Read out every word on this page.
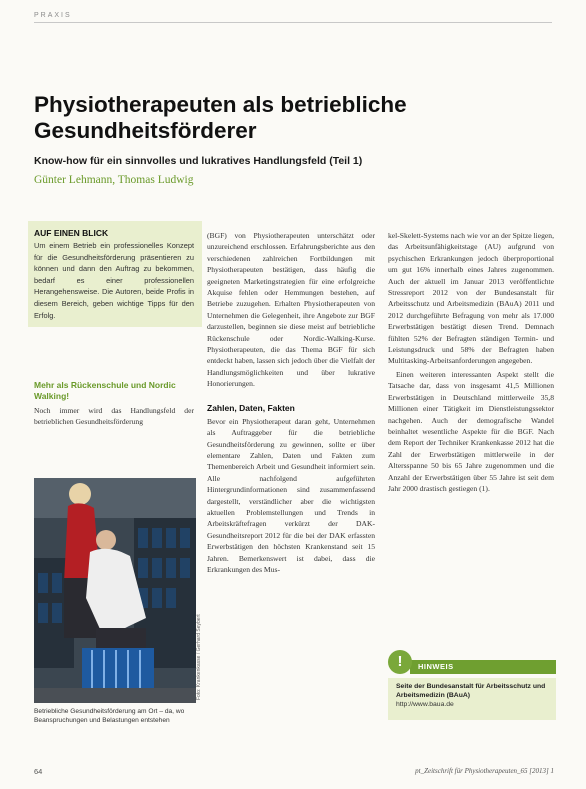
PRAXIS
Physiotherapeuten als betriebliche Gesundheitsförderer
Know-how für ein sinnvolles und lukratives Handlungsfeld (Teil 1)
Günter Lehmann, Thomas Ludwig
AUF EINEN BLICK
Um einem Betrieb ein professionelles Konzept für die Gesundheitsförderung präsentieren zu können und dann den Auftrag zu bekommen, bedarf es einer professionellen Herangehensweise. Die Autoren, beide Profis in diesem Bereich, geben wichtige Tipps für den Erfolg.
Mehr als Rückenschule und Nordic Walking!
Noch immer wird das Handlungsfeld der betrieblichen Gesundheitsförderung
Foto: Krankenkasse / Gerhard Seybert
Betriebliche Gesundheitsförderung am Ort – da, wo Beanspruchungen und Belastungen entstehen

(BGF) von Physiotherapeuten unterschätzt oder unzureichend erschlossen. Erfahrungsberichte aus den verschiedenen zahlreichen Fortbildungen mit Physiotherapeuten bestätigen, dass häufig die geeigneten Marketingstrategien für eine erfolgreiche Akquise fehlen oder Hemmungen bestehen, auf Betriebe zuzugehen. Erhalten Physiotherapeuten von Unternehmen die Gelegenheit, ihre Angebote zur BGF darzustellen, beginnen sie diese meist auf betriebliche Rückenschule oder Nordic-Walking-Kurse. Physiotherapeuten, die das Thema BGF für sich entdeckt haben, lassen sich jedoch über die Vielfalt der Handlungsmöglichkeiten und über lukrative Honorierungen.

Zahlen, Daten, Fakten

Bevor ein Physiotherapeut daran geht, Unternehmen als Auftraggeber für die betriebliche Gesundheitsförderung zu gewinnen, sollte er über elementare Zahlen, Daten und Fakten zum Themenbereich Arbeit und Gesundheit informiert sein. Alle nachfolgend aufgeführten Hintergrundinformationen sind zusammenfassend dargestellt, verständlicher aber die wichtigsten aktuellen Problemstellungen und Trends in Arbeitskräftefragen verkürzt der DAK-Gesundheitsreport 2012 für die bei der DAK erfassten Erwerbstätigen den höchsten Krankenstand seit 15 Jahren. Bemerkenswert ist dabei, dass die Erkrankungen des Mus-

kel-Skelett-Systems nach wie vor an der Spitze liegen, das Arbeitsunfähigkeitstage (AU) aufgrund von psychischen Erkrankungen jedoch überproportional um gut 16% innerhalb eines Jahres zugenommen. Auch der aktuell im Januar 2013 veröffentlichte Stressreport 2012 von der Bundesanstalt für Arbeitsschutz und Arbeitsmedizin (BAuA) 2011 und 2012 durchgeführte Befragung von mehr als 17.000 Erwerbstätigen bestätigt diesen Trend. Demnach fühlten 52% der Befragten ständigen Termin- und Leistungsdruck und 58% der Befragten haben Multitasking-Arbeitsanforderungen angegeben.

Einen weiteren interessanten Aspekt stellt die Tatsache dar, dass von insgesamt 41,5 Millionen Erwerbstätigen in Deutschland mittlerweile 35,8 Millionen einer Tätigkeit im Dienstleistungssektor nachgehen. Auch der demografische Wandel beinhaltet wesentliche Aspekte für die BGF. Nach dem Report der Techniker Krankenkasse 2012 hat die Zahl der Erwerbstätigen mittlerweile in der Altersspanne 50 bis 65 Jahre zugenommen und die Anzahl der Erwerbstätigen über 55 Jahre ist seit dem Jahr 2000 drastisch gestiegen (1).

Seite der Bundesanstalt für Arbeitsschutz und Arbeitsmedizin (BAuA)
http://www.baua.de
HINWEIS
!
64	pt_Zeitschrift für Physiotherapeuten_65 [2013] 1
